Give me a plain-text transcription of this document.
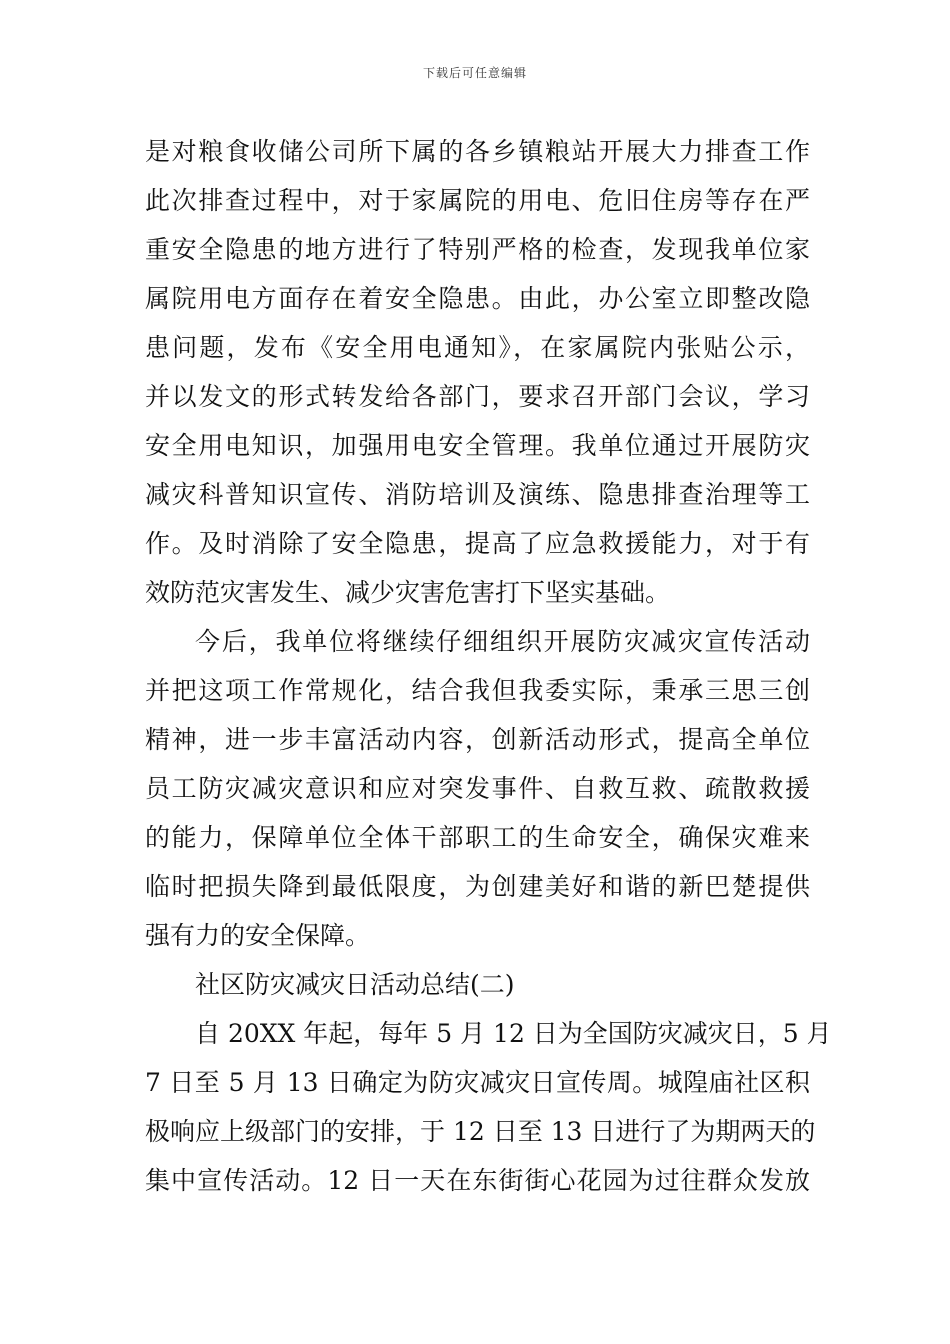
下载后可任意编辑
是对粮食收储公司所下属的各乡镇粮站开展大力排查工作
此次排查过程中，对于家属院的用电、危旧住房等存在严
重安全隐患的地方进行了特别严格的检查，发现我单位家
属院用电方面存在着安全隐患。由此，办公室立即整改隐
患问题，发布《安全用电通知》，在家属院内张贴公示，
并以发文的形式转发给各部门，要求召开部门会议，学习
安全用电知识，加强用电安全管理。我单位通过开展防灾
减灾科普知识宣传、消防培训及演练、隐患排查治理等工
作。及时消除了安全隐患，提高了应急救援能力，对于有
效防范灾害发生、减少灾害危害打下坚实基础。
今后，我单位将继续仔细组织开展防灾减灾宣传活动
并把这项工作常规化，结合我但我委实际，秉承三思三创
精神，进一步丰富活动内容，创新活动形式，提高全单位
员工防灾减灾意识和应对突发事件、自救互救、疏散救援
的能力，保障单位全体干部职工的生命安全，确保灾难来
临时把损失降到最低限度，为创建美好和谐的新巴楚提供
强有力的安全保障。
社区防灾减灾日活动总结(二)
自 20XX 年起，每年 5 月 12 日为全国防灾减灾日，5 月
7 日至 5 月 13 日确定为防灾减灾日宣传周。城隍庙社区积
极响应上级部门的安排，于 12 日至 13 日进行了为期两天的
集中宣传活动。12 日一天在东街街心花园为过往群众发放
